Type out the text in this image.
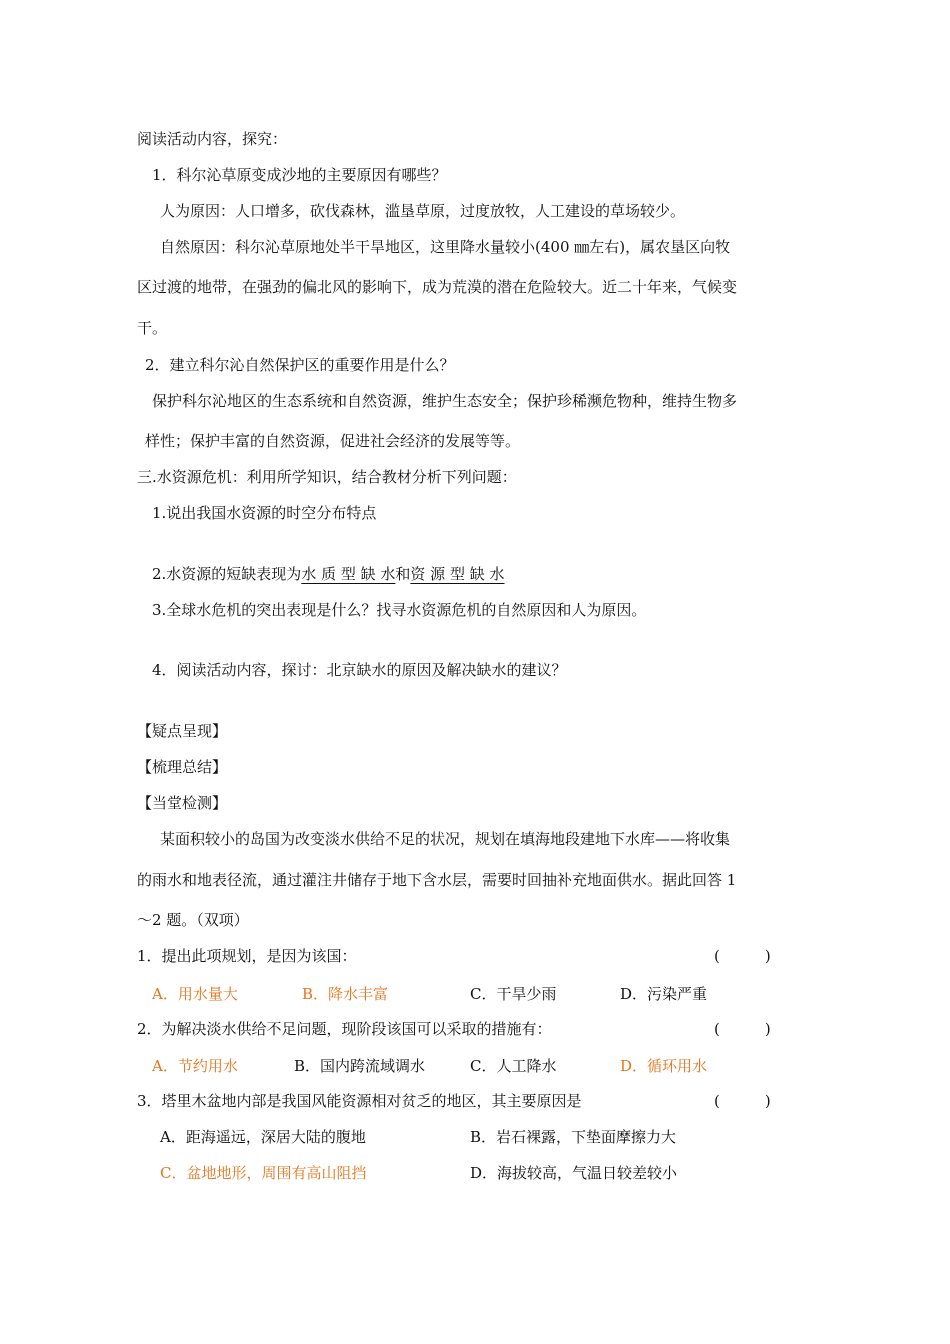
阅读活动内容，探究：
1．科尔沁草原变成沙地的主要原因有哪些？
人为原因：人口增多，砍伐森林，滥垦草原，过度放牧，人工建设的草场较少。
自然原因：科尔沁草原地处半干旱地区，这里降水量较小(400 ㎜左右)，属农垦区向牧
区过渡的地带，在强劲的偏北风的影响下，成为荒漠的潜在危险较大。近二十年来，气候变
干。
2．建立科尔沁自然保护区的重要作用是什么？
保护科尔沁地区的生态系统和自然资源，维护生态安全；保护珍稀濒危物种，维持生物多
样性；保护丰富的自然资源，促进社会经济的发展等等。
三.水资源危机：利用所学知识，结合教材分析下列问题：
1.说出我国水资源的时空分布特点
2.水资源的短缺表现为水 质 型 缺 水和资 源 型 缺 水
3.全球水危机的突出表现是什么？找寻水资源危机的自然原因和人为原因。
4．阅读活动内容，探讨：北京缺水的原因及解决缺水的建议？
【疑点呈现】
【梳理总结】
【当堂检测】
某面积较小的岛国为改变淡水供给不足的状况，规划在填海地段建地下水库——将收集
的雨水和地表径流，通过灌注井储存于地下含水层，需要时回抽补充地面供水。据此回答 1
～2 题。（双项）
1．提出此项规划，是因为该国：	(　　　)
A．用水量大	B．降水丰富	C．干旱少雨	D．污染严重
2．为解决淡水供给不足问题，现阶段该国可以采取的措施有：	(　　　)
A．节约用水	B．国内跨流域调水	C．人工降水	D．循环用水
3．塔里木盆地内部是我国风能资源相对贫乏的地区，其主要原因是	(　　　)
A．距海遥远，深居大陆的腹地	B．岩石裸露，下垫面摩擦力大
C．盆地地形，周围有高山阻挡	D．海拔较高，气温日较差较小
